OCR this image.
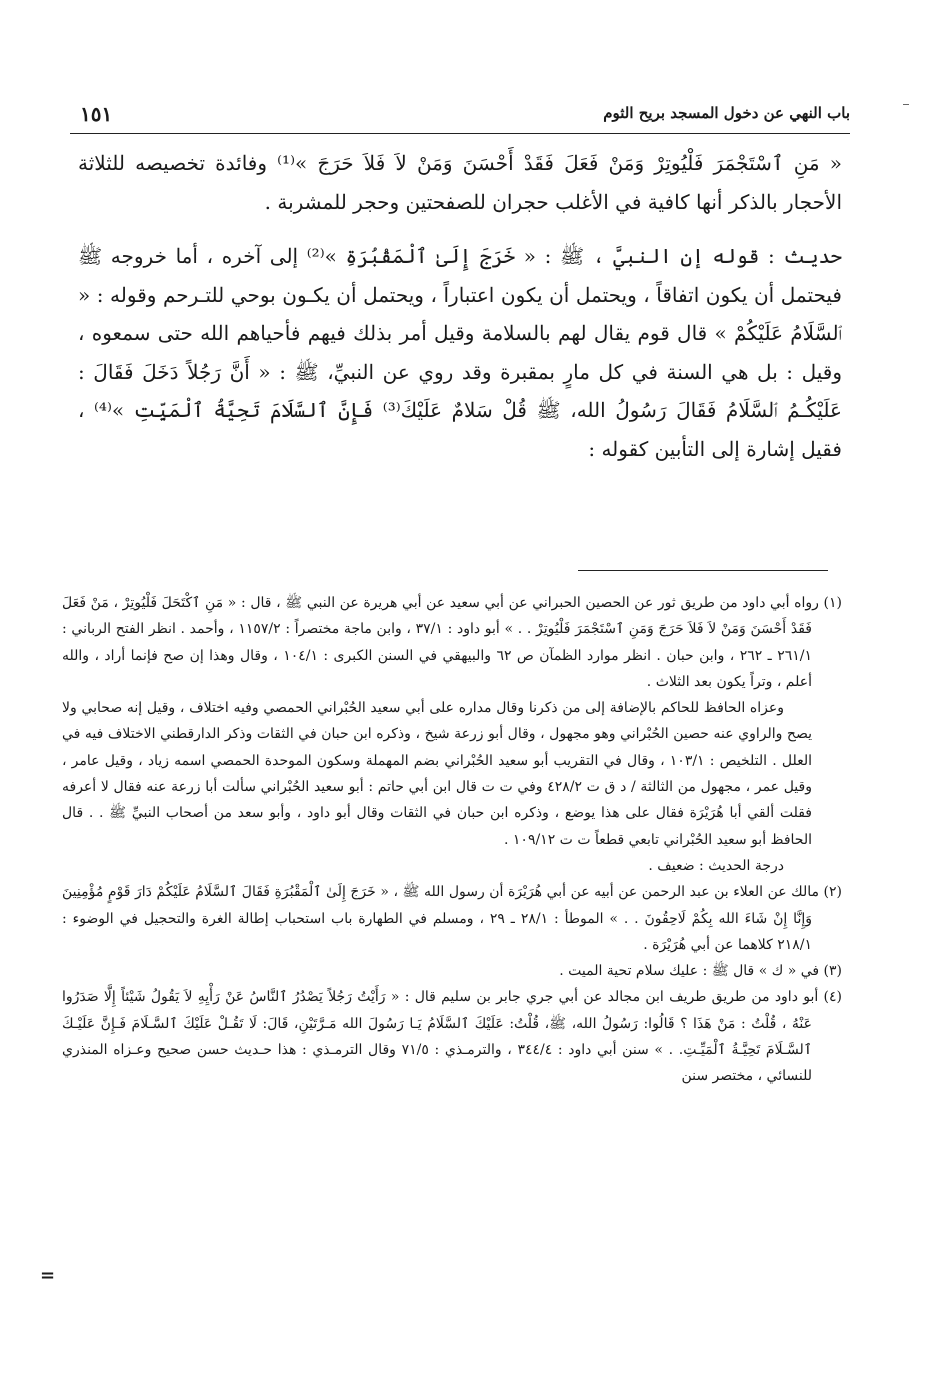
باب النهي عن دخول المسجد بريح الثوم
١٥١

« مَنِ ٱسْتَجْمَرَ فَلْيُوتِرْ وَمَنْ فَعَلَ فَقَدْ أَحْسَنَ وَمَنْ لاَ فَلاَ حَرَجَ »⁽¹⁾ وفائدة تخصيصه للثلاثة الأحجار بالذكر أنها كافية في الأغلب حجران للصفحتين وحجر للمشربة .

حديث : قوله إن النبيَّ ، ﷺ : « خَرَجَ إِلَىٰ ٱلْمَقْبُرَةِ »⁽²⁾ إلى آخره ، أما خروجه ﷺ فيحتمل أن يكون اتفاقاً ، ويحتمل أن يكون اعتباراً ، ويحتمل أن يكـون بوحي للتـرحم وقوله : « ٱلسَّلَامُ عَلَيْكُمْ » قال قوم يقال لهم بالسلامة وقيل أمر بذلك فيهم فأحياهم الله حتى سمعوه ، وقيل : بل هي السنة في كل مارٍ بمقبرة وقد روي عن النبيِّ، ﷺ : « أَنَّ رَجُلاً دَخَلَ فَقَالَ : عَلَيْكُـمُ ٱلسَّلَامُ فَقَالَ رَسُولُ الله، ﷺ قُلْ سَلامٌ عَلَيْكَ⁽³⁾ فَإِنَّ ٱلسَّلَامَ تَحِيَّةُ ٱلْمَيِّتِ »⁽⁴⁾ ، فقيل إشارة إلى التأبين كقوله :

(١) رواه أبي داود من طريق ثور عن الحصين الحبراني عن أبي سعيد عن أبي هريرة عن النبي ﷺ ، قال : « مَنِ ٱكْتَحَلَ فَلْيُوتِرْ ، مَنْ فَعَلَ فَقَدْ أَحْسَنَ وَمَنْ لاَ فَلاَ حَرَجَ وَمَنِ ٱسْتَجْمَرَ فَلْيُوتِرْ . . » أبو داود : ٣٧/١ ، وابن ماجة مختصراً : ١١٥٧/٢ ، وأحمد . انظر الفتح الرباني : ٢٦١/١ ـ ٢٦٢ ، وابن حبان . انظر موارد الظمآن ص ٦٢ والبيهقي في السنن الكبرى : ١٠٤/١ ، وقال وهذا إن صح فإنما أراد ، والله أعلم ، وتراً يكون بعد الثلاث .

وعزاه الحافظ للحاكم بالإضافة إلى من ذكرنا وقال مداره على أبي سعيد الحُبْراني الحمصي وفيه اختلاف ، وقيل إنه صحابي ولا يصح والراوي عنه حصين الحُبْراني وهو مجهول ، وقال أبو زرعة شيخ ، وذكره ابن حبان في الثقات وذكر الدارقطني الاختلاف فيه في العلل . التلخيص : ١٠٣/١ ، وقال في التقريب أبو سعيد الحُبْراني بضم المهملة وسكون الموحدة الحمصي اسمه زياد ، وقيل عامر ، وقيل عمر ، مجهول من الثالثة / د ق ت ٤٢٨/٢ وفي ت ت قال ابن أبي حاتم : أبو سعيد الحُبْراني سألت أبا زرعة عنه فقال لا أعرفه فقلت ألقي أبا هُرَيْرَة فقال على هذا يوضع ، وذكره ابن حبان في الثقات وقال أبو داود ، وأبو سعد من أصحاب النبيِّ ﷺ . . قال الحافظ أبو سعيد الحُبْراني تابعي قطعاً ت ت ١٠٩/١٢ .

درجة الحديث : ضعيف .

(٢) مالك عن العلاء بن عبد الرحمن عن أبيه عن أبي هُرَيْرَة أن رسول الله ﷺ ، « خَرَجَ إِلَىٰ ٱلْمَقْبُرَةِ فَقَالَ ٱلسَّلَامُ عَلَيْكُمْ دَارَ قَوْمٍ مُؤْمِنِينَ وَإِنَّا إِنْ شَاءَ الله بِكُمْ لَاحِقُونَ . . » الموطأ : ٢٨/١ ـ ٢٩ ، ومسلم في الطهارة باب استحباب إطالة الغرة والتحجيل في الوضوء : ٢١٨/١ كلاهما عن أبي هُرَيْرَة .

(٣) في « ك » قال ﷺ : عليك سلام تحية الميت .

(٤) أبو داود من طريق طريف ابن مجالد عن أبي جري جابر بن سليم قال : « رَأَيْتُ رَجُلاً يَصْدُرُ ٱلنَّاسُ عَنْ رَأْيِهِ لاَ يَقُولُ شَيْئاً إِلَّا صَدَرُوا عَنْهُ ، قُلْتُ : مَنْ هَذَا ؟ قَالُوا: رَسُولُ الله، ﷺ، قُلْتُ: عَلَيْكَ ٱلسَّلَامُ يَـا رَسُولَ الله مَـرَّتَيْنِ، قَالَ: لَا تَقُـلْ عَلَيْكَ ٱلسَّـلَامَ فَـإِنَّ عَلَيْـكَ ٱلسَّـلَامَ تَحِيَّـةُ ٱلْمَيِّـتِ. . » سنن أبي داود : ٣٤٤/٤ ، والترمـذي : ٧١/٥ وقال الترمـذي : هذا حـديث حسن صحيح وعـزاه المنذري للنسائي ، مختصر سنن

=
